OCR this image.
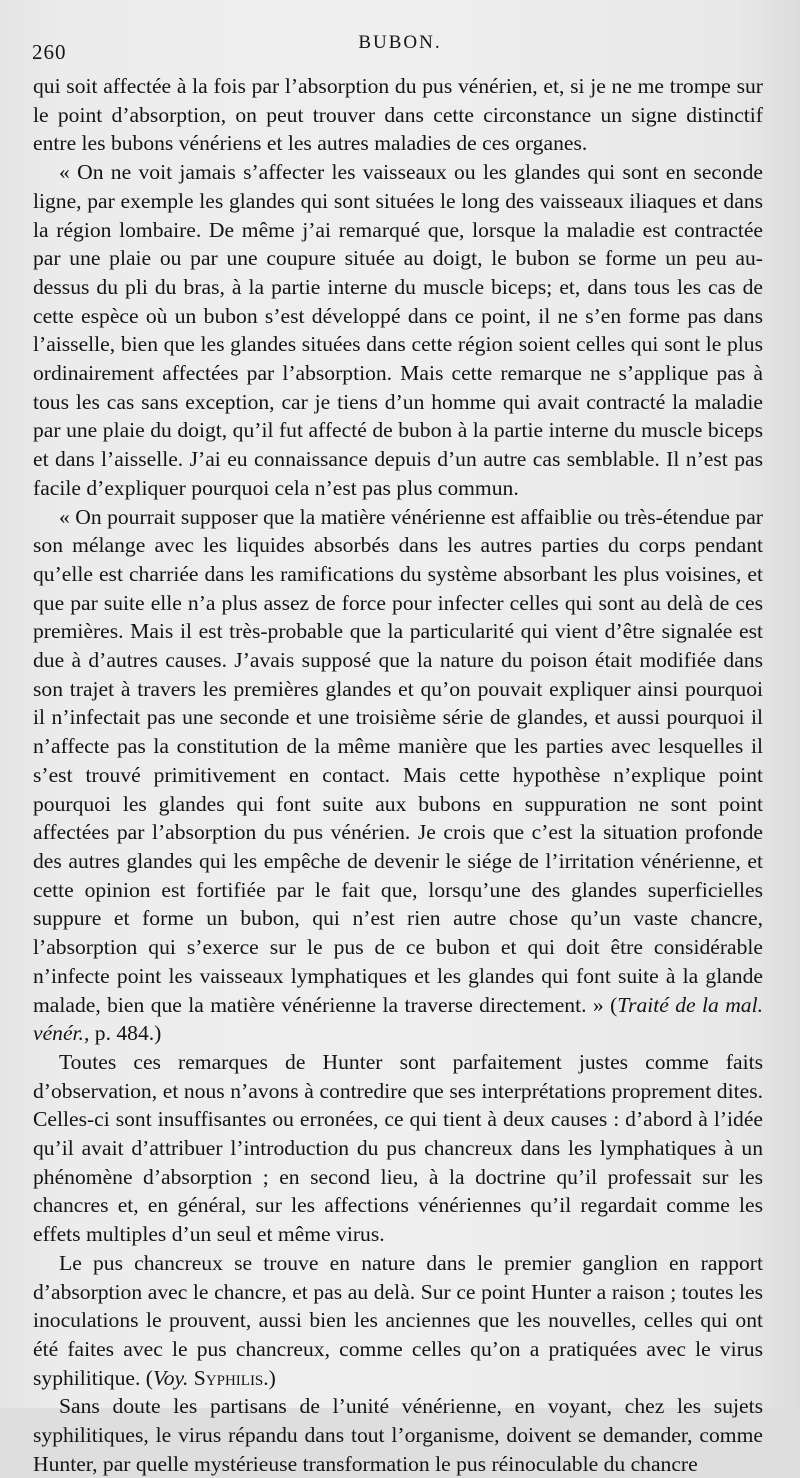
260	BUBON.

qui soit affectée à la fois par l’absorption du pus vénérien, et, si je ne me trompe sur le point d’absorption, on peut trouver dans cette circonstance un signe distinctif entre les bubons vénériens et les autres maladies de ces organes.

« On ne voit jamais s’affecter les vaisseaux ou les glandes qui sont en seconde ligne, par exemple les glandes qui sont situées le long des vaisseaux iliaques et dans la région lombaire. De même j’ai remarqué que, lorsque la maladie est contractée par une plaie ou par une coupure située au doigt, le bubon se forme un peu au-dessus du pli du bras, à la partie interne du muscle biceps; et, dans tous les cas de cette espèce où un bubon s’est développé dans ce point, il ne s’en forme pas dans l’aisselle, bien que les glandes situées dans cette région soient celles qui sont le plus ordinairement affectées par l’absorption. Mais cette remarque ne s’applique pas à tous les cas sans exception, car je tiens d’un homme qui avait contracté la maladie par une plaie du doigt, qu’il fut affecté de bubon à la partie interne du muscle biceps et dans l’aisselle. J’ai eu connaissance depuis d’un autre cas semblable. Il n’est pas facile d’expliquer pourquoi cela n’est pas plus commun.

« On pourrait supposer que la matière vénérienne est affaiblie ou très-étendue par son mélange avec les liquides absorbés dans les autres parties du corps pendant qu’elle est charriée dans les ramifications du système absorbant les plus voisines, et que par suite elle n’a plus assez de force pour infecter celles qui sont au delà de ces premières. Mais il est très-probable que la particularité qui vient d’être signalée est due à d’autres causes. J’avais supposé que la nature du poison était modifiée dans son trajet à travers les premières glandes et qu’on pouvait expliquer ainsi pourquoi il n’infectait pas une seconde et une troisième série de glandes, et aussi pourquoi il n’affecte pas la constitution de la même manière que les parties avec lesquelles il s’est trouvé primitivement en contact. Mais cette hypothèse n’explique point pourquoi les glandes qui font suite aux bubons en suppuration ne sont point affectées par l’absorption du pus vénérien. Je crois que c’est la situation profonde des autres glandes qui les empêche de devenir le siége de l’irritation vénérienne, et cette opinion est fortifiée par le fait que, lorsqu’une des glandes superficielles suppure et forme un bubon, qui n’est rien autre chose qu’un vaste chancre, l’absorption qui s’exerce sur le pus de ce bubon et qui doit être considérable n’infecte point les vaisseaux lymphatiques et les glandes qui font suite à la glande malade, bien que la matière vénérienne la traverse directement. » (Traité de la mal. vénér., p. 484.)

Toutes ces remarques de Hunter sont parfaitement justes comme faits d’observation, et nous n’avons à contredire que ses interprétations proprement dites. Celles-ci sont insuffisantes ou erronées, ce qui tient à deux causes : d’abord à l’idée qu’il avait d’attribuer l’introduction du pus chancreux dans les lymphatiques à un phénomène d’absorption ; en second lieu, à la doctrine qu’il professait sur les chancres et, en général, sur les affections vénériennes qu’il regardait comme les effets multiples d’un seul et même virus.

Le pus chancreux se trouve en nature dans le premier ganglion en rapport d’absorption avec le chancre, et pas au delà. Sur ce point Hunter a raison ; toutes les inoculations le prouvent, aussi bien les anciennes que les nouvelles, celles qui ont été faites avec le pus chancreux, comme celles qu’on a pratiquées avec le virus syphilitique. (Voy. Syphilis.)

Sans doute les partisans de l’unité vénérienne, en voyant, chez les sujets syphilitiques, le virus répandu dans tout l’organisme, doivent se demander, comme Hunter, par quelle mystérieuse transformation le pus réinoculable du chancre
